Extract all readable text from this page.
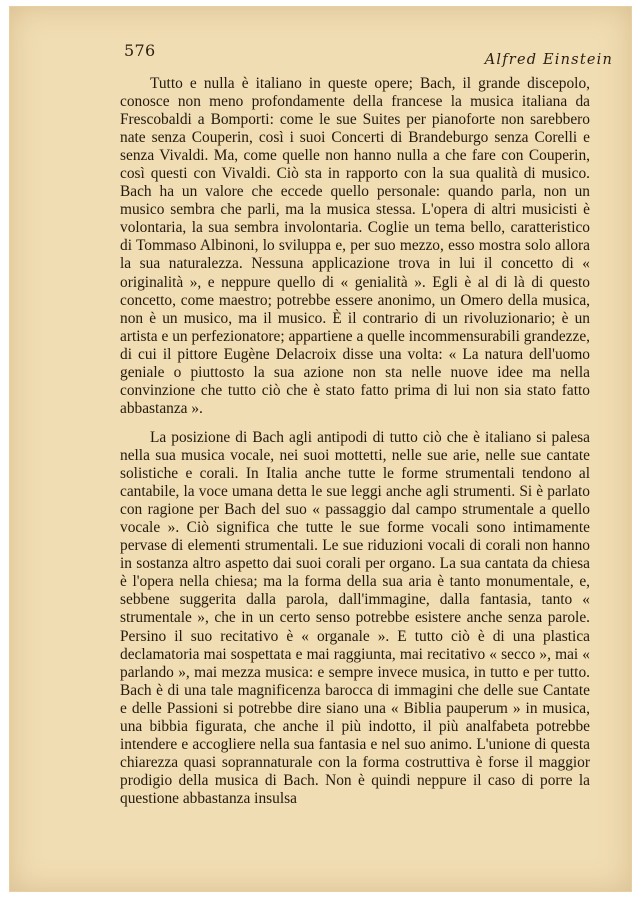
576	Alfred Einstein

Tutto e nulla è italiano in queste opere; Bach, il grande discepolo, conosce non meno profondamente della francese la musica italiana da Frescobaldi a Bomporti: come le sue Suites per pianoforte non sarebbero nate senza Couperin, così i suoi Concerti di Brandeburgo senza Corelli e senza Vivaldi. Ma, come quelle non hanno nulla a che fare con Couperin, così questi con Vivaldi. Ciò sta in rapporto con la sua qualità di musico. Bach ha un valore che eccede quello personale: quando parla, non un musico sembra che parli, ma la musica stessa. L'opera di altri musicisti è volontaria, la sua sembra involontaria. Coglie un tema bello, caratteristico di Tommaso Albinoni, lo sviluppa e, per suo mezzo, esso mostra solo allora la sua naturalezza. Nessuna applicazione trova in lui il concetto di « originalità », e neppure quello di « genialità ». Egli è al di là di questo concetto, come maestro; potrebbe essere anonimo, un Omero della musica, non è un musico, ma il musico. È il contrario di un rivoluzionario; è un artista e un perfezionatore; appartiene a quelle incommensurabili grandezze, di cui il pittore Eugène Delacroix disse una volta: « La natura dell'uomo geniale o piuttosto la sua azione non sta nelle nuove idee ma nella convinzione che tutto ciò che è stato fatto prima di lui non sia stato fatto abbastanza ».

La posizione di Bach agli antipodi di tutto ciò che è italiano si palesa nella sua musica vocale, nei suoi mottetti, nelle sue arie, nelle sue cantate solistiche e corali. In Italia anche tutte le forme strumentali tendono al cantabile, la voce umana detta le sue leggi anche agli strumenti. Si è parlato con ragione per Bach del suo « passaggio dal campo strumentale a quello vocale ». Ciò significa che tutte le sue forme vocali sono intimamente pervase di elementi strumentali. Le sue riduzioni vocali di corali non hanno in sostanza altro aspetto dai suoi corali per organo. La sua cantata da chiesa è l'opera nella chiesa; ma la forma della sua aria è tanto monumentale, e, sebbene suggerita dalla parola, dall'immagine, dalla fantasia, tanto « strumentale », che in un certo senso potrebbe esistere anche senza parole. Persino il suo recitativo è « organale ». E tutto ciò è di una plastica declamatoria mai sospettata e mai raggiunta, mai recitativo « secco », mai « parlando », mai mezza musica: e sempre invece musica, in tutto e per tutto. Bach è di una tale magnificenza barocca di immagini che delle sue Cantate e delle Passioni si potrebbe dire siano una « Biblia pauperum » in musica, una bibbia figurata, che anche il più indotto, il più analfabeta potrebbe intendere e accogliere nella sua fantasia e nel suo animo. L'unione di questa chiarezza quasi soprannaturale con la forma costruttiva è forse il maggior prodigio della musica di Bach. Non è quindi neppure il caso di porre la questione abbastanza insulsa
